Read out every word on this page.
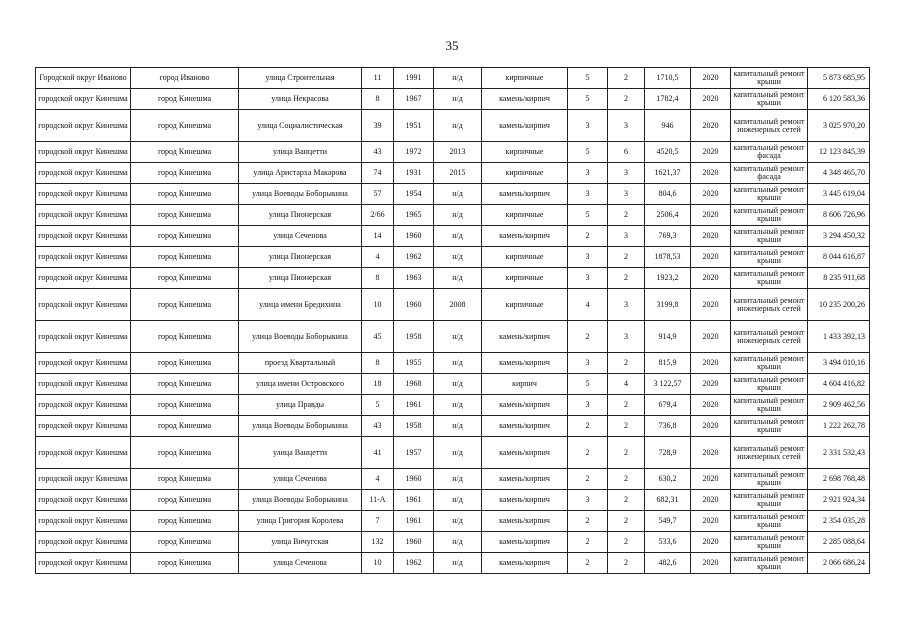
35
Городской округ Иваново	город Иваново	улица Строительная	11	1991	н/д	кирпичные	5	2	1710,5	2020	капитальный ремонт крыши	5 873 685,95
городской округ Кинешма	город Кинешма	улица Некрасова	8	1967	н/д	камень/кирпич	5	2	1782,4	2020	капитальный ремонт крыши	6 120 583,36
городской округ Кинешма	город Кинешма	улица Социалистическая	39	1951	н/д	камень/кирпич	3	3	946	2020	капитальный ремонт инженерных сетей	3 025 970,20
городской округ Кинешма	город Кинешма	улица Ванцетти	43	1972	2013	кирпичные	5	6	4520,5	2020	капитальный ремонт фасада	12 123 845,39
городской округ Кинешма	город Кинешма	улица Аристарха Макарова	74	1931	2015	кирпичные	3	3	1621,37	2020	капитальный ремонт фасада	4 348 465,70
городской округ Кинешма	город Кинешма	улица Воеводы Боборыкина	57	1954	н/д	камень/кирпич	3	3	804,6	2020	капитальный ремонт крыши	3 445 619,04
городской округ Кинешма	город Кинешма	улица Пионерская	2/66	1965	н/д	кирпичные	5	2	2506,4	2020	капитальный ремонт крыши	8 606 726,96
городской округ Кинешма	город Кинешма	улица Сеченова	14	1960	н/д	камень/кирпич	2	3	769,3	2020	капитальный ремонт крыши	3 294 450,32
городской округ Кинешма	город Кинешма	улица Пионерская	4	1962	н/д	кирпичные	3	2	1878,53	2020	капитальный ремонт крыши	8 044 616,87
городской округ Кинешма	город Кинешма	улица Пионерская	8	1963	н/д	кирпичные	3	2	1923,2	2020	капитальный ремонт крыши	8 235 911,68
городской округ Кинешма	город Кинешма	улица имени Бредихина	10	1960	2008	кирпичные	4	3	3199,8	2020	капитальный ремонт инженерных сетей	10 235 200,26
городской округ Кинешма	город Кинешма	улица Воеводы Боборыкина	45	1958	н/д	камень/кирпич	2	3	914,9	2020	капитальный ремонт инженерных сетей	1 433 392,13
городской округ Кинешма	город Кинешма	проезд Квартальный	8	1955	н/д	камень/кирпич	3	2	815,9	2020	капитальный ремонт крыши	3 494 010,16
городской округ Кинешма	город Кинешма	улица имени Островского	18	1968	н/д	кирпич	5	4	3 122,57	2020	капитальный ремонт крыши	4 604 416,82
городской округ Кинешма	город Кинешма	улица Правды	5	1961	н/д	камень/кирпич	3	2	679,4	2020	капитальный ремонт крыши	2 909 462,56
городской округ Кинешма	город Кинешма	улица Воеводы Боборыкина	43	1958	н/д	камень/кирпич	2	2	736,8	2020	капитальный ремонт крыши	1 222 262,78
городской округ Кинешма	город Кинешма	улица Ванцетти	41	1957	н/д	камень/кирпич	2	2	728,9	2020	капитальный ремонт инженерных сетей	2 331 532,43
городской округ Кинешма	город Кинешма	улица Сеченова	4	1960	н/д	камень/кирпич	2	2	630,2	2020	капитальный ремонт крыши	2 698 768,48
городской округ Кинешма	город Кинешма	улица Воеводы Боборыкина	11-А	1961	н/д	камень/кирпич	3	2	682,31	2020	капитальный ремонт крыши	2 921 924,34
городской округ Кинешма	город Кинешма	улица Григория Королева	7	1961	н/д	камень/кирпич	2	2	549,7	2020	капитальный ремонт крыши	2 354 035,28
городской округ Кинешма	город Кинешма	улица Вичугская	132	1960	н/д	камень/кирпич	2	2	533,6	2020	капитальный ремонт крыши	2 285 088,64
городской округ Кинешма	город Кинешма	улица Сеченова	10	1962	н/д	камень/кирпич	2	2	482,6	2020	капитальный ремонт крыши	2 066 686,24
